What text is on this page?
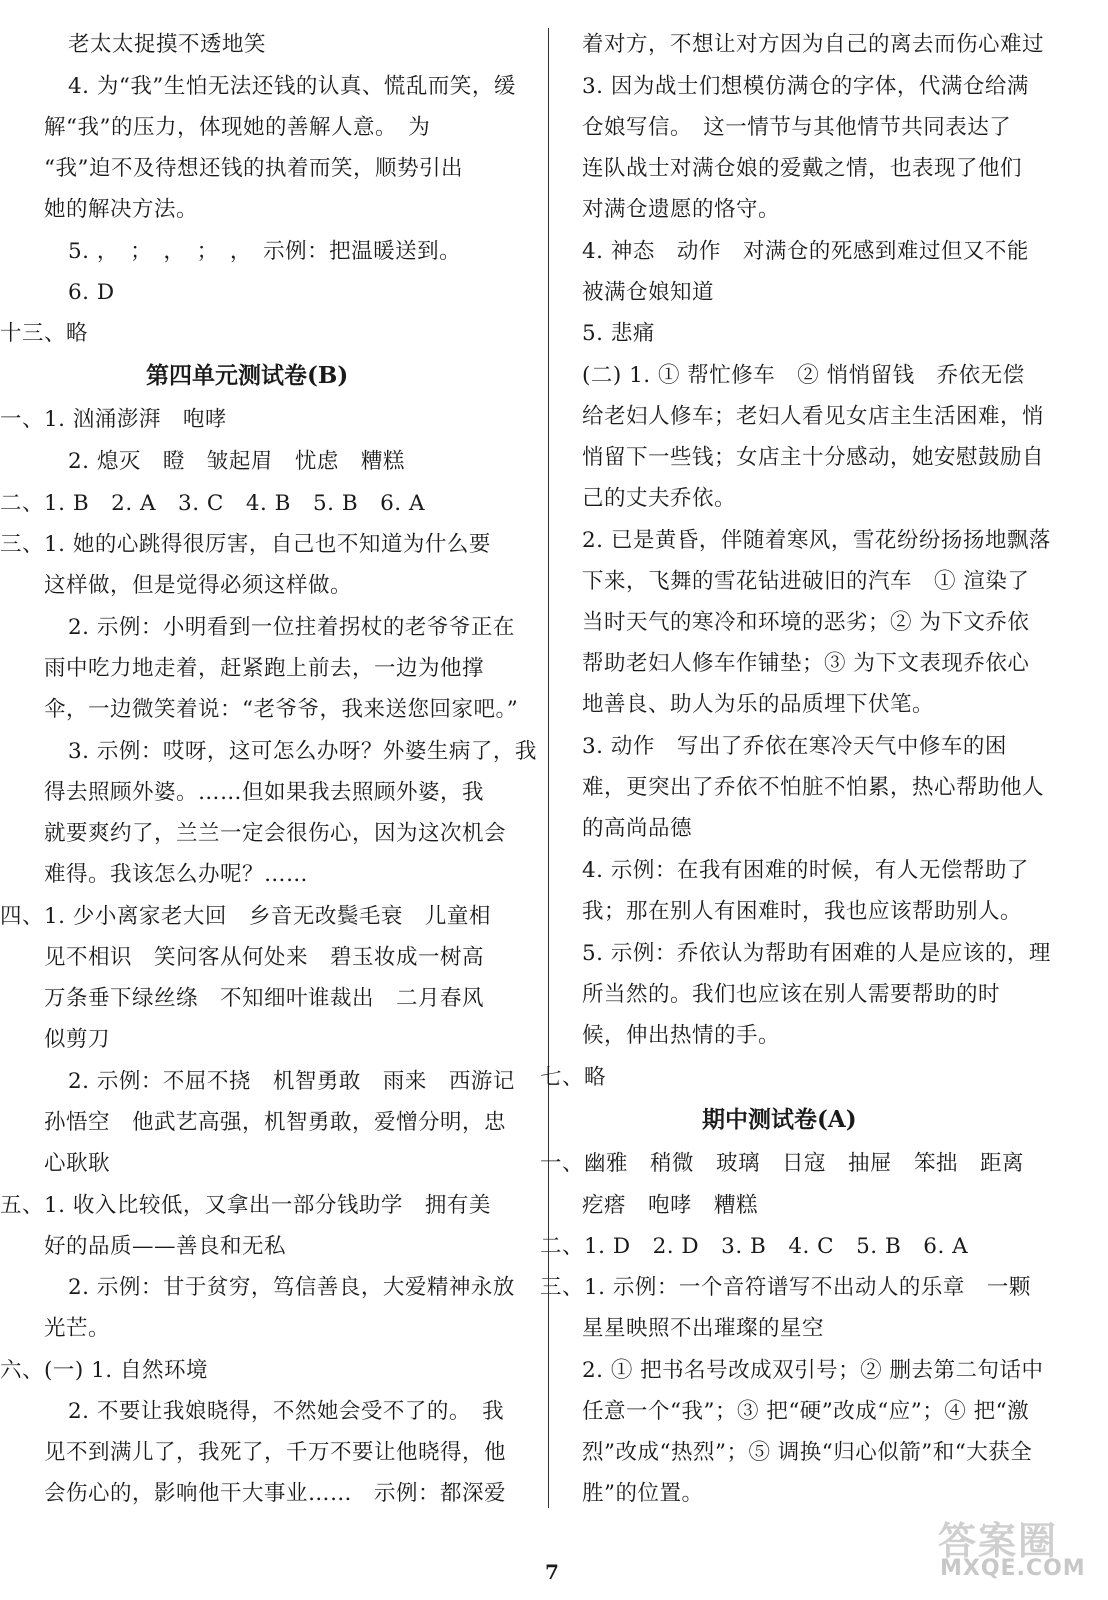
老太太捉摸不透地笑
4. 为“我”生怕无法还钱的认真、慌乱而笑，缓
解“我”的压力，体现她的善解人意。　为
“我”迫不及待想还钱的执着而笑，顺势引出
她的解决方法。
5. ，　；　，　；　，　示例：把温暖送到。
6. D
十三、略
一、1. 汹涌澎湃　咆哮
2. 熄灭　瞪　皱起眉　忧虑　糟糕
二、1. B　2. A　3. C　4. B　5. B　6. A
三、1. 她的心跳得很厉害，自己也不知道为什么要
这样做，但是觉得必须这样做。
2. 示例：小明看到一位拄着拐杖的老爷爷正在
雨中吃力地走着，赶紧跑上前去，一边为他撑
伞，一边微笑着说：“老爷爷，我来送您回家吧。”
3. 示例：哎呀，这可怎么办呀？外婆生病了，我
得去照顾外婆。……但如果我去照顾外婆，我
就要爽约了，兰兰一定会很伤心，因为这次机会
难得。我该怎么办呢？……
四、1. 少小离家老大回　乡音无改鬓毛衰　儿童相
见不相识　笑问客从何处来　碧玉妆成一树高
万条垂下绿丝绦　不知细叶谁裁出　二月春风
似剪刀
2. 示例：不屈不挠　机智勇敢　雨来　西游记
孙悟空　他武艺高强，机智勇敢，爱憎分明，忠
心耿耿
五、1. 收入比较低，又拿出一部分钱助学　拥有美
好的品质——善良和无私
2. 示例：甘于贫穷，笃信善良，大爱精神永放
光芒。
六、(一) 1. 自然环境
2. 不要让我娘晓得，不然她会受不了的。　我
见不到满儿了，我死了，千万不要让他晓得，他
会伤心的，影响他干大事业……　示例：都深爱
着对方，不想让对方因为自己的离去而伤心难过
3. 因为战士们想模仿满仓的字体，代满仓给满
仓娘写信。　这一情节与其他情节共同表达了
连队战士对满仓娘的爱戴之情，也表现了他们
对满仓遗愿的恪守。
4. 神态　动作　对满仓的死感到难过但又不能
被满仓娘知道
5. 悲痛
(二) 1. ① 帮忙修车　② 悄悄留钱　乔依无偿
给老妇人修车；老妇人看见女店主生活困难，悄
悄留下一些钱；女店主十分感动，她安慰鼓励自
己的丈夫乔依。
2. 已是黄昏，伴随着寒风，雪花纷纷扬扬地飘落
下来，飞舞的雪花钻进破旧的汽车　① 渲染了
当时天气的寒冷和环境的恶劣；② 为下文乔依
帮助老妇人修车作铺垫；③ 为下文表现乔依心
地善良、助人为乐的品质埋下伏笔。
3. 动作　写出了乔依在寒冷天气中修车的困
难，更突出了乔依不怕脏不怕累，热心帮助他人
的高尚品德
4. 示例：在我有困难的时候，有人无偿帮助了
我；那在别人有困难时，我也应该帮助别人。
5. 示例：乔依认为帮助有困难的人是应该的，理
所当然的。我们也应该在别人需要帮助的时
候，伸出热情的手。
七、略
一、幽雅　稍微　玻璃　日寇　抽屉　笨拙　距离
疙瘩　咆哮　糟糕
二、1. D　2. D　3. B　4. C　5. B　6. A
三、1. 示例：一个音符谱写不出动人的乐章　一颗
星星映照不出璀璨的星空
2. ① 把书名号改成双引号；② 删去第二句话中
任意一个“我”；③ 把“硬”改成“应”；④ 把“激
烈”改成“热烈”；⑤ 调换“归心似箭”和“大获全
胜”的位置。
第四单元测试卷(B)
期中测试卷(A)
7
答案圈
MXQE.COM
